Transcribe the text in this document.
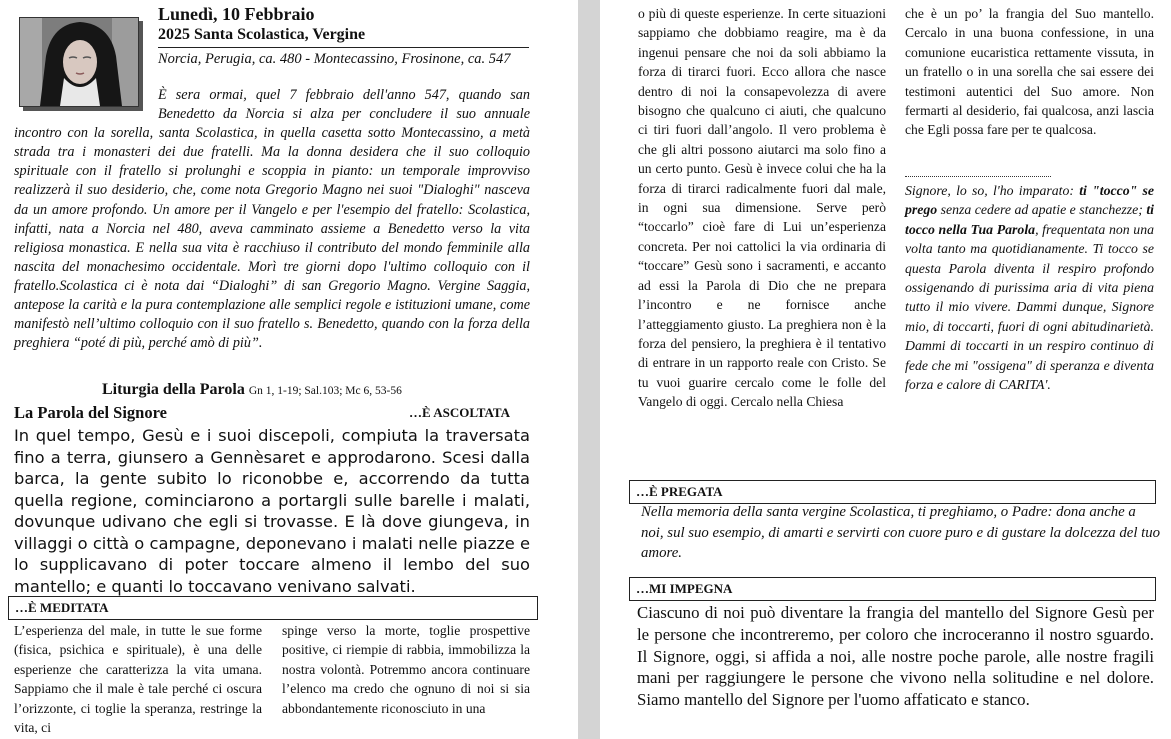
Lunedì, 10 Febbraio
2025 Santa Scolastica, Vergine
Norcia, Perugia, ca. 480 - Montecassino, Frosinone, ca. 547
È sera ormai, quel 7 febbraio dell'anno 547, quando san Benedetto da Norcia si alza per concludere il suo annuale incontro con la sorella, santa Scolastica, in quella casetta sotto Montecassino, a metà strada tra i monasteri dei due fratelli. Ma la donna desidera che il suo colloquio spirituale con il fratello si prolunghi e scoppia in pianto: un temporale improvviso realizzerà il suo desiderio, che, come nota Gregorio Magno nei suoi "Dialoghi" nasceva da un amore profondo. Un amore per il Vangelo e per l'esempio del fratello: Scolastica, infatti, nata a Norcia nel 480, aveva camminato assieme a Benedetto verso la vita religiosa monastica. E nella sua vita è racchiuso il contributo del mondo femminile alla nascita del monachesimo occidentale. Morì tre giorni dopo l'ultimo colloquio con il fratello.Scolastica ci è nota dai “Dialoghi” di san Gregorio Magno. Vergine Saggia, antepose la carità e la pura contemplazione alle semplici regole e istituzioni umane, come manifestò nell’ultimo colloquio con il suo fratello s. Benedetto, quando con la forza della preghiera “poté di più, perché amò di più”.
Liturgia della Parola Gn 1, 1-19; Sal.103; Mc 6, 53-56
La Parola del Signore	…È ASCOLTATA
In quel tempo, Gesù e i suoi discepoli, compiuta la traversata fino a terra, giunsero a Gennèsaret e approdarono. Scesi dalla barca, la gente subito lo riconobbe e, accorrendo da tutta quella regione, cominciarono a portargli sulle barelle i malati, dovunque udivano che egli si trovasse. E là dove giungeva, in villaggi o città o campagne, deponevano i malati nelle piazze e lo supplicavano di poter toccare almeno il lembo del suo mantello; e quanti lo toccavano venivano salvati.
…È MEDITATA
L’esperienza del male, in tutte le sue forme (fisica, psichica e spirituale), è una delle esperienze che caratterizza la vita umana. Sappiamo che il male è tale perché ci oscura l’orizzonte, ci toglie la speranza, restringe la vita, ci
spinge verso la morte, toglie prospettive positive, ci riempie di rabbia, immobilizza la nostra volontà. Potremmo ancora continuare l’elenco ma credo che ognuno di noi si sia abbondantemente riconosciuto in una
o più di queste esperienze. In certe situazioni sappiamo che dobbiamo reagire, ma è da ingenui pensare che noi da soli abbiamo la forza di tirarci fuori. Ecco allora che nasce dentro di noi la consapevolezza di avere bisogno che qualcuno ci aiuti, che qualcuno ci tiri fuori dall’angolo. Il vero problema è che gli altri possono aiutarci ma solo fino a un certo punto. Gesù è invece colui che ha la forza di tirarci radicalmente fuori dal male, in ogni sua dimensione. Serve però “toccarlo” cioè fare di Lui un’esperienza concreta. Per noi cattolici la via ordinaria di “toccare” Gesù sono i sacramenti, e accanto ad essi la Parola di Dio che ne prepara l’incontro e ne fornisce anche l’atteggiamento giusto. La preghiera non è la forza del pensiero, la preghiera è il tentativo di entrare in un rapporto reale con Cristo. Se tu vuoi guarire cercalo come le folle del Vangelo di oggi. Cercalo nella Chiesa
che è un po’ la frangia del Suo mantello. Cercalo in una buona confessione, in una comunione eucaristica rettamente vissuta, in un fratello o in una sorella che sai essere dei testimoni autentici del Suo amore. Non fermarti al desiderio, fai qualcosa, anzi lascia che Egli possa fare per te qualcosa.
Signore, lo so, l'ho imparato: ti "tocco" se prego senza cedere ad apatie e stanchezze; ti tocco nella Tua Parola, frequentata non una volta tanto ma quotidianamente. Ti tocco se questa Parola diventa il respiro profondo ossigenando di purissima aria di vita piena tutto il mio vivere. Dammi dunque, Signore mio, di toccarti, fuori di ogni abitudinarietà. Dammi di toccarti in un respiro continuo di fede che mi "ossigena" di speranza e diventa forza e calore di CARITA'.
…È PREGATA
Nella memoria della santa vergine Scolastica, ti preghiamo, o Padre: dona anche a noi, sul suo esempio, di amarti e servirti con cuore puro e di gustare la dolcezza del tuo amore.
…MI IMPEGNA
Ciascuno di noi può diventare la frangia del mantello del Signore Gesù per le persone che incontreremo, per coloro che incroceranno il nostro sguardo. Il Signore, oggi, si affida a noi, alle nostre poche parole, alle nostre fragili mani per raggiungere le persone che vivono nella solitudine e nel dolore. Siamo mantello del Signore per l'uomo affaticato e stanco.
